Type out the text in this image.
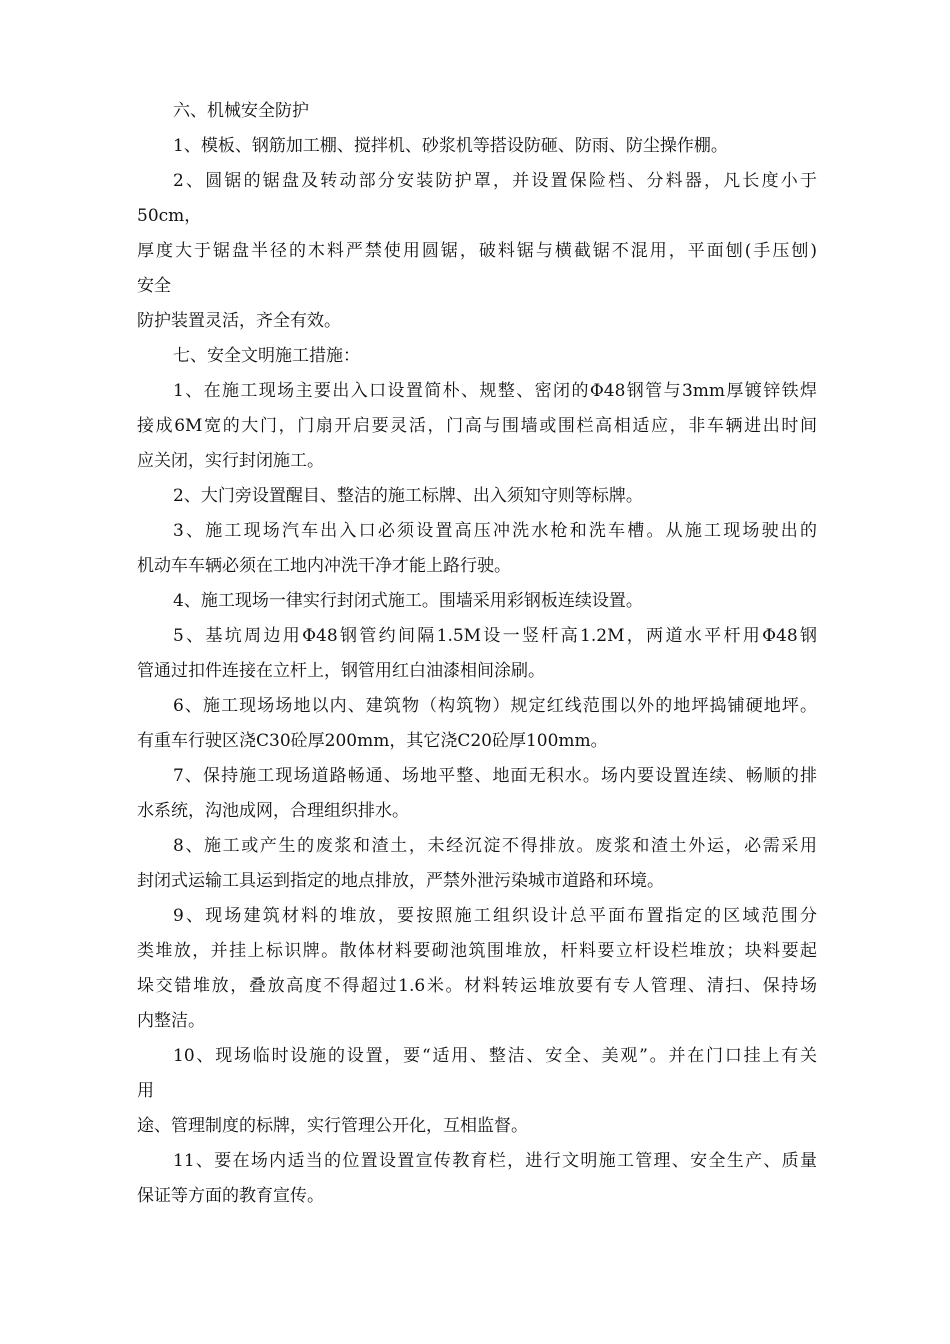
六、机械安全防护

1、模板、钢筋加工棚、搅拌机、砂浆机等搭设防砸、防雨、防尘操作棚。

2、圆锯的锯盘及转动部分安装防护罩，并设置保险档、分料器，凡长度小于

50cm，

厚度大于锯盘半径的木料严禁使用圆锯，破料锯与横截锯不混用，平面刨(手压刨)

安全

防护装置灵活，齐全有效。

七、安全文明施工措施：

1、在施工现场主要出入口设置简朴、规整、密闭的Φ48钢管与3mm厚镀锌铁焊

接成6M宽的大门，门扇开启要灵活，门高与围墙或围栏高相适应，非车辆进出时间

应关闭，实行封闭施工。

2、大门旁设置醒目、整洁的施工标牌、出入须知守则等标牌。

3、施工现场汽车出入口必须设置高压冲洗水枪和洗车槽。从施工现场驶出的

机动车车辆必须在工地内冲洗干净才能上路行驶。

4、施工现场一律实行封闭式施工。围墙采用彩钢板连续设置。

5、基坑周边用Φ48钢管约间隔1.5M设一竖杆高1.2M，两道水平杆用Φ48钢

管通过扣件连接在立杆上，钢管用红白油漆相间涂刷。

6、施工现场场地以内、建筑物（构筑物）规定红线范围以外的地坪捣铺硬地坪。

有重车行驶区浇C30砼厚200mm，其它浇C20砼厚100mm。

7、保持施工现场道路畅通、场地平整、地面无积水。场内要设置连续、畅顺的排

水系统，沟池成网，合理组织排水。

8、施工或产生的废浆和渣土，未经沉淀不得排放。废浆和渣土外运，必需采用

封闭式运输工具运到指定的地点排放，严禁外泄污染城市道路和环境。

9、现场建筑材料的堆放，要按照施工组织设计总平面布置指定的区域范围分

类堆放，并挂上标识牌。散体材料要砌池筑围堆放，杆料要立杆设栏堆放；块料要起

垛交错堆放，叠放高度不得超过1.6米。材料转运堆放要有专人管理、清扫、保持场

内整洁。

10、现场临时设施的设置，要“适用、整洁、安全、美观”。并在门口挂上有关

用

途、管理制度的标牌，实行管理公开化，互相监督。

11、要在场内适当的位置设置宣传教育栏，进行文明施工管理、安全生产、质量

保证等方面的教育宣传。
